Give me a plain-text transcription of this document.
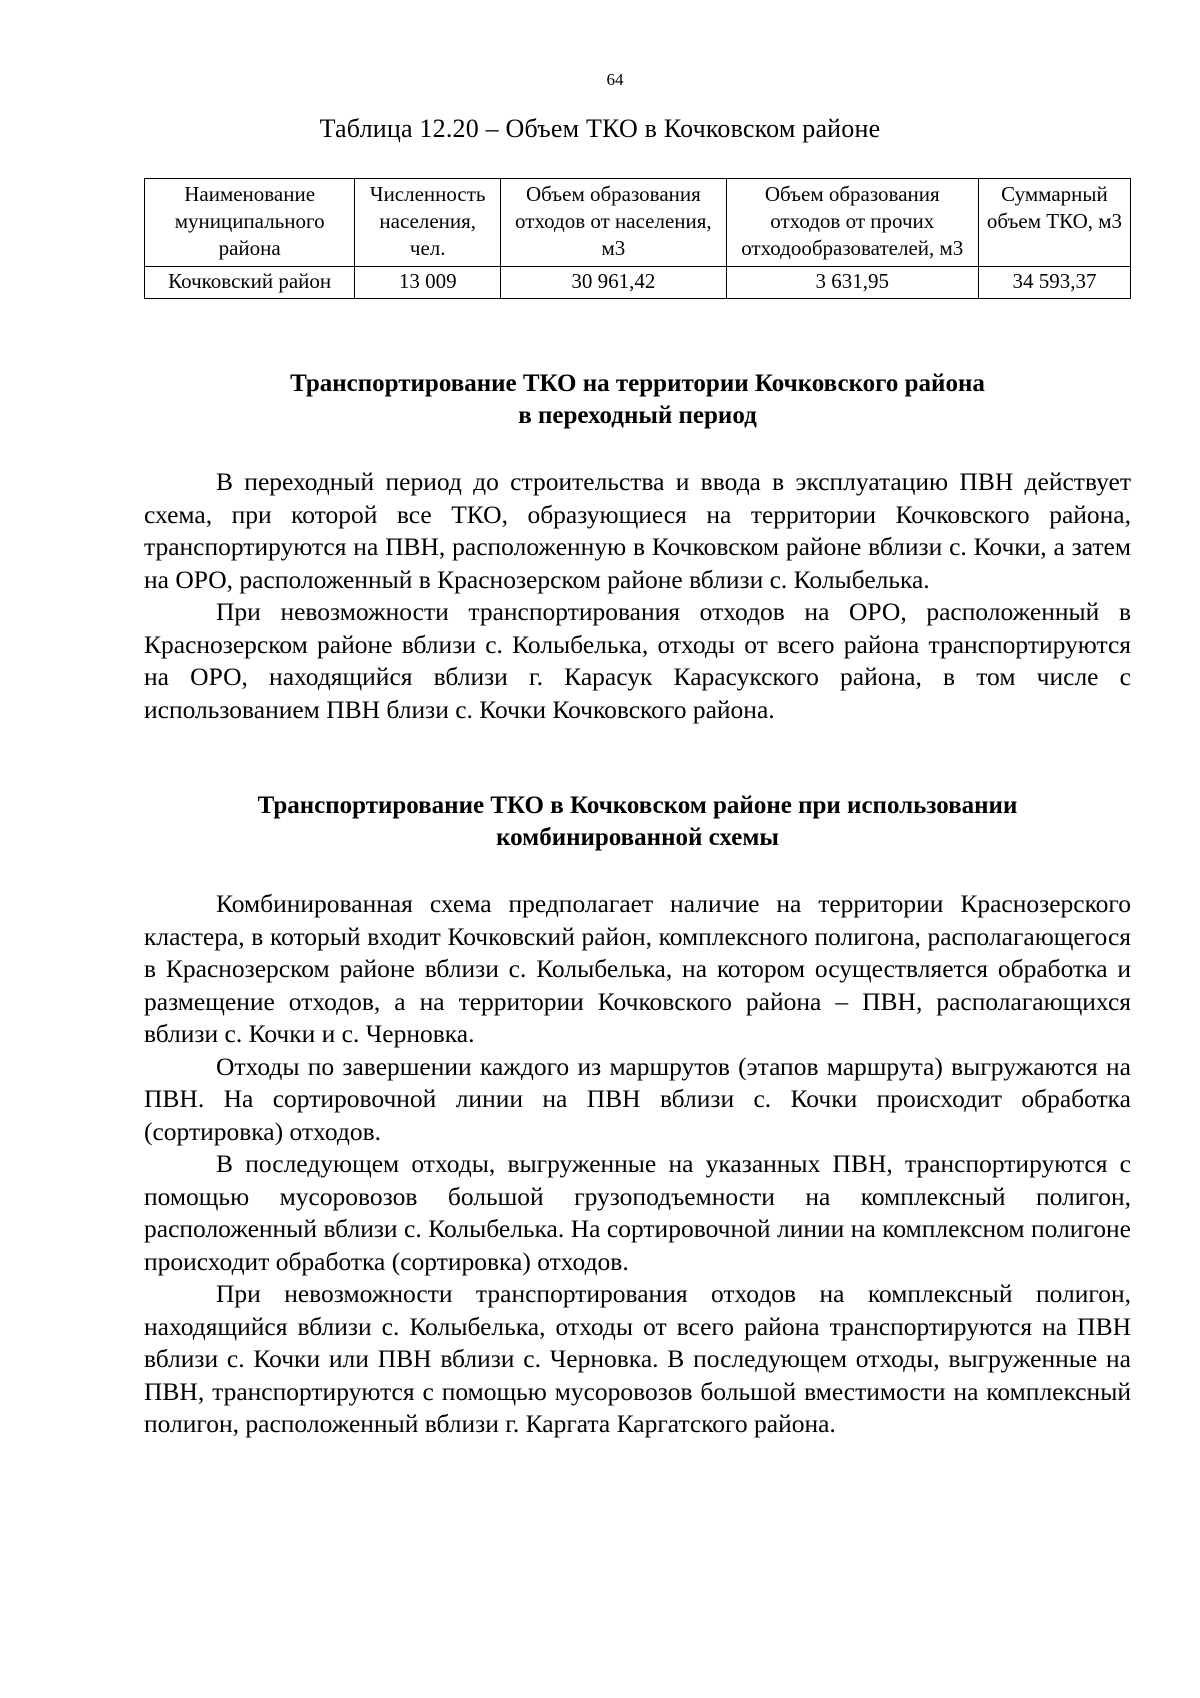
64
Таблица 12.20 – Объем ТКО в Кочковском районе
Наименование муниципального района	Численность населения, чел.	Объем образования отходов от населения, м3	Объем образования отходов от прочих отходообразователей, м3	Суммарный объем ТКО, м3
Кочковский район	13 009	30 961,42	3 631,95	34 593,37

Транспортирование ТКО на территории Кочковского района

в переходный период

В переходный период до строительства и ввода в эксплуатацию ПВН действует схема, при которой все ТКО, образующиеся на территории Кочковского района, транспортируются на ПВН, расположенную в Кочковском районе вблизи с. Кочки, а затем на ОРО, расположенный в Краснозерском районе вблизи с. Колыбелька.

При невозможности транспортирования отходов на ОРО, расположенный в Краснозерском районе вблизи с. Колыбелька, отходы от всего района транспортируются на ОРО, находящийся вблизи г. Карасук Карасукского района, в том числе с использованием ПВН близи с. Кочки Кочковского района.

Транспортирование ТКО в Кочковском районе при использовании

комбинированной схемы

Комбинированная схема предполагает наличие на территории Краснозерского кластера, в который входит Кочковский район, комплексного полигона, располагающегося в Краснозерском районе вблизи с. Колыбелька, на котором осуществляется обработка и размещение отходов, а на территории Кочковского района – ПВН, располагающихся вблизи с. Кочки и с. Черновка.

Отходы по завершении каждого из маршрутов (этапов маршрута) выгружаются на ПВН. На сортировочной линии на ПВН вблизи с. Кочки происходит обработка (сортировка) отходов.

В последующем отходы, выгруженные на указанных ПВН, транспортируются с помощью мусоровозов большой грузоподъемности на комплексный полигон, расположенный вблизи с. Колыбелька. На сортировочной линии на комплексном полигоне происходит обработка (сортировка) отходов.

При невозможности транспортирования отходов на комплексный полигон, находящийся вблизи с. Колыбелька, отходы от всего района транспортируются на ПВН вблизи с. Кочки или ПВН вблизи с. Черновка. В последующем отходы, выгруженные на ПВН, транспортируются с помощью мусоровозов большой вместимости на комплексный полигон, расположенный вблизи г. Каргата Каргатского района.
